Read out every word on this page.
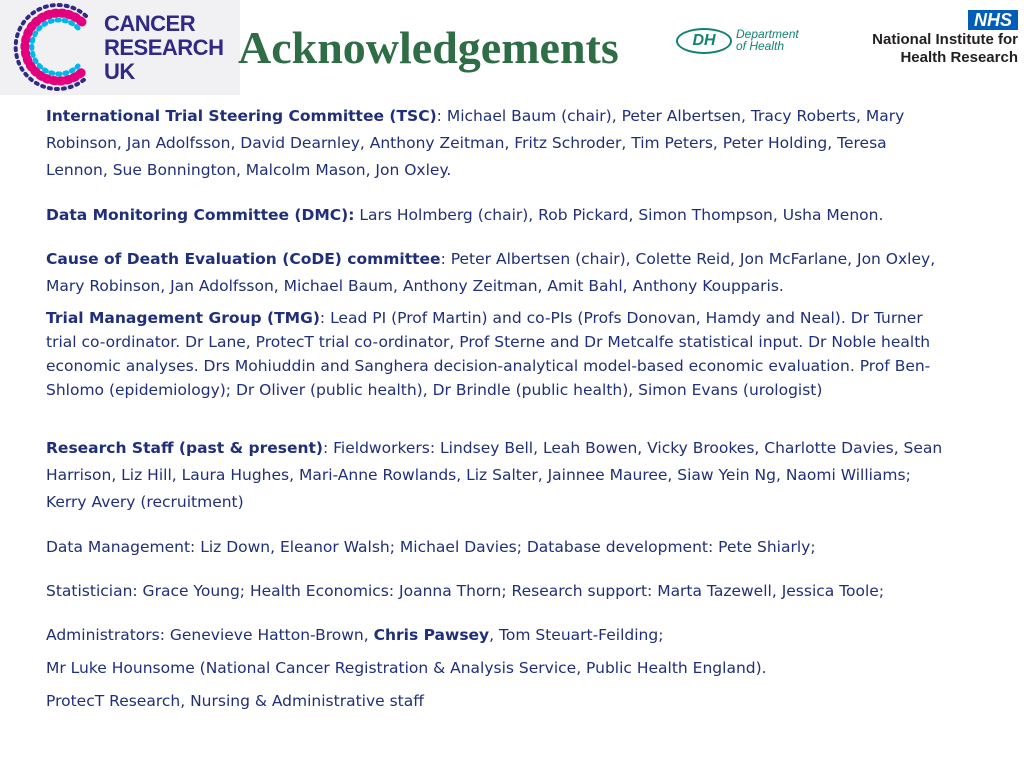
CANCER
RESEARCH
UK	Acknowledgements	DH	Department
of Health
NHS
National Institute for
Health Research

International Trial Steering Committee (TSC): Michael Baum (chair), Peter Albertsen, Tracy Roberts, Mary Robinson, Jan Adolfsson, David Dearnley, Anthony Zeitman, Fritz Schroder, Tim Peters, Peter Holding, Teresa Lennon, Sue Bonnington, Malcolm Mason, Jon Oxley.

Data Monitoring Committee (DMC): Lars Holmberg (chair), Rob Pickard, Simon Thompson, Usha Menon.

Cause of Death Evaluation (CoDE) committee: Peter Albertsen (chair), Colette Reid, Jon McFarlane, Jon Oxley, Mary Robinson, Jan Adolfsson, Michael Baum, Anthony Zeitman, Amit Bahl, Anthony Koupparis.

Trial Management Group (TMG): Lead PI (Prof Martin) and co-PIs (Profs Donovan, Hamdy and Neal). Dr Turner trial co-ordinator. Dr Lane, ProtecT trial co-ordinator, Prof Sterne and Dr Metcalfe statistical input. Dr Noble health economic analyses. Drs Mohiuddin and Sanghera decision-analytical model-based economic evaluation. Prof Ben-Shlomo (epidemiology); Dr Oliver (public health), Dr Brindle (public health), Simon Evans (urologist)

Research Staff (past & present): Fieldworkers: Lindsey Bell, Leah Bowen, Vicky Brookes, Charlotte Davies, Sean Harrison, Liz Hill, Laura Hughes, Mari-Anne Rowlands, Liz Salter, Jainnee Mauree, Siaw Yein Ng, Naomi Williams; Kerry Avery (recruitment)

Data Management: Liz Down, Eleanor Walsh; Michael Davies; Database development: Pete Shiarly;

Statistician: Grace Young; Health Economics: Joanna Thorn; Research support: Marta Tazewell, Jessica Toole;

Administrators: Genevieve Hatton-Brown, Chris Pawsey, Tom Steuart-Feilding;

Mr Luke Hounsome (National Cancer Registration & Analysis Service, Public Health England).

ProtecT Research, Nursing & Administrative staff
